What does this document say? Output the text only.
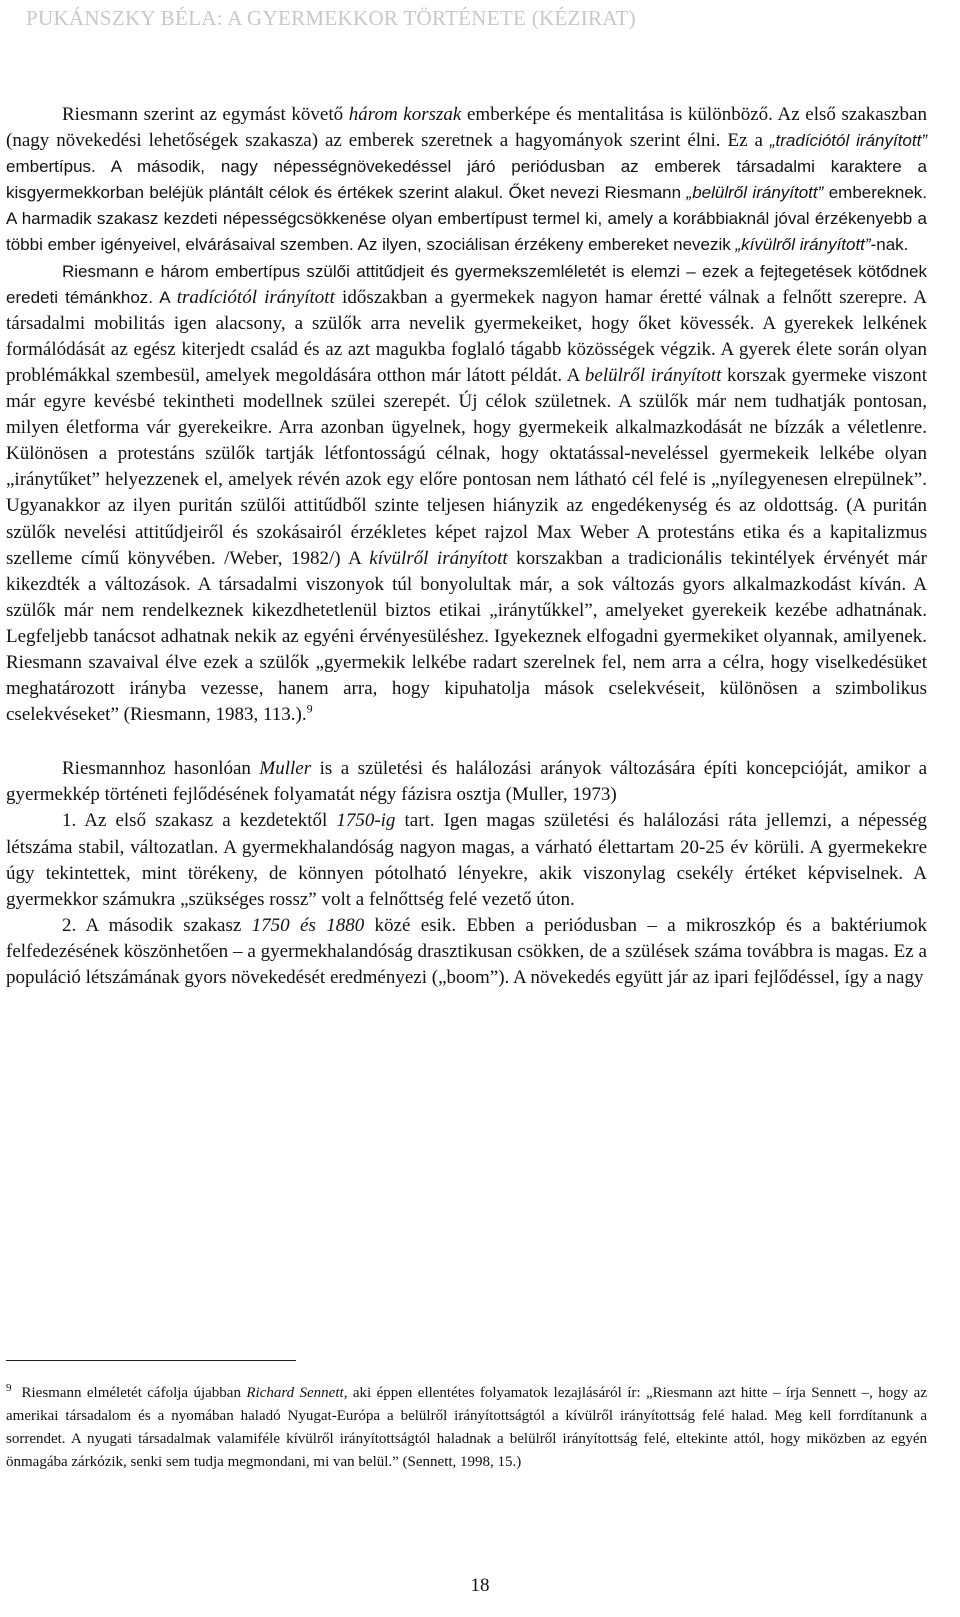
PUKÁNSZKY BÉLA: A GYERMEKKOR TÖRTÉNETE (KÉZIRAT)

Riesmann szerint az egymást követő három korszak emberképe és mentalitása is különböző. Az első szakaszban (nagy növekedési lehetőségek szakasza) az emberek szeretnek a hagyományok szerint élni. Ez a „tradíciótól irányított” embertípus. A második, nagy népességnövekedéssel járó periódusban az emberek társadalmi karaktere a kisgyermekkorban beléjük plántált célok és értékek szerint alakul. Őket nevezi Riesmann „belülről irányított” embereknek. A harmadik szakasz kezdeti népességcsökkenése olyan embertípust termel ki, amely a korábbiaknál jóval érzékenyebb a többi ember igényeivel, elvárásaival szemben. Az ilyen, szociálisan érzékeny embereket nevezik „kívülről irányított”-nak.

Riesmann e három embertípus szülői attitűdjeit és gyermekszemléletét is elemzi – ezek a fejtegetések kötődnek eredeti témánkhoz. A tradíciótól irányított időszakban a gyermekek nagyon hamar éretté válnak a felnőtt szerepre. A társadalmi mobilitás igen alacsony, a szülők arra nevelik gyermekeiket, hogy őket kövessék. A gyerekek lelkének formálódását az egész kiterjedt család és az azt magukba foglaló tágabb közösségek végzik. A gyerek élete során olyan problémákkal szembesül, amelyek megoldására otthon már látott példát. A belülről irányított korszak gyermeke viszont már egyre kevésbé tekintheti modellnek szülei szerepét. Új célok születnek. A szülők már nem tudhatják pontosan, milyen életforma vár gyerekeikre. Arra azonban ügyelnek, hogy gyermekeik alkalmazkodását ne bízzák a véletlenre. Különösen a protestáns szülők tartják létfontosságú célnak, hogy oktatással-neveléssel gyermekeik lelkébe olyan „iránytűket” helyezzenek el, amelyek révén azok egy előre pontosan nem látható cél felé is „nyílegyenesen elrepülnek”. Ugyanakkor az ilyen puritán szülői attitűdből szinte teljesen hiányzik az engedékenység és az oldottság. (A puritán szülők nevelési attitűdjeiről és szokásairól érzékletes képet rajzol Max Weber A protestáns etika és a kapitalizmus szelleme című könyvében. /Weber, 1982/) A kívülről irányított korszakban a tradicionális tekintélyek érvényét már kikezdték a változások. A társadalmi viszonyok túl bonyolultak már, a sok változás gyors alkalmazkodást kíván. A szülők már nem rendelkeznek kikezdhetetlenül biztos etikai „iránytűkkel”, amelyeket gyerekeik kezébe adhatnának. Legfeljebb tanácsot adhatnak nekik az egyéni érvényesüléshez. Igyekeznek elfogadni gyermekiket olyannak, amilyenek. Riesmann szavaival élve ezek a szülők „gyermekik lelkébe radart szerelnek fel, nem arra a célra, hogy viselkedésüket meghatározott irányba vezesse, hanem arra, hogy kipuhatolja mások cselekvéseit, különösen a szimbolikus cselekvéseket” (Riesmann, 1983, 113.).$^9$

Riesmannhoz hasonlóan Muller is a születési és halálozási arányok változására építi koncepcióját, amikor a gyermekkép történeti fejlődésének folyamatát négy fázisra osztja (Muller, 1973)

1. Az első szakasz a kezdetektől 1750-ig tart. Igen magas születési és halálozási ráta jellemzi, a népesség létszáma stabil, változatlan. A gyermekhalandóság nagyon magas, a várható élettartam 20-25 év körüli. A gyermekekre úgy tekintettek, mint törékeny, de könnyen pótolható lényekre, akik viszonylag csekély értéket képviselnek. A gyermekkor számukra „szükséges rossz” volt a felnőttség felé vezető úton.

2. A második szakasz 1750 és 1880 közé esik. Ebben a periódusban – a mikroszkóp és a baktériumok felfedezésének köszönhetően – a gyermekhalandóság drasztikusan csökken, de a szülések száma továbbra is magas. Ez a populáció létszámának gyors növekedését eredményezi („boom”). A növekedés együtt jár az ipari fejlődéssel, így a nagy

$^9$ Riesmann elméletét cáfolja újabban Richard Sennett, aki éppen ellentétes folyamatok lezajlásáról ír: „Riesmann azt hitte – írja Sennett –, hogy az amerikai társadalom és a nyomában haladó Nyugat-Európa a belülről irányítottságtól a kívülről irányítottság felé halad. Meg kell forrdítanunk a sorrendet. A nyugati társadalmak valamiféle kívülről irányítottságtól haladnak a belülről irányítottság felé, eltekinte attól, hogy miközben az egyén önmagába zárkózik, senki sem tudja megmondani, mi van belül.” (Sennett, 1998, 15.)
18
